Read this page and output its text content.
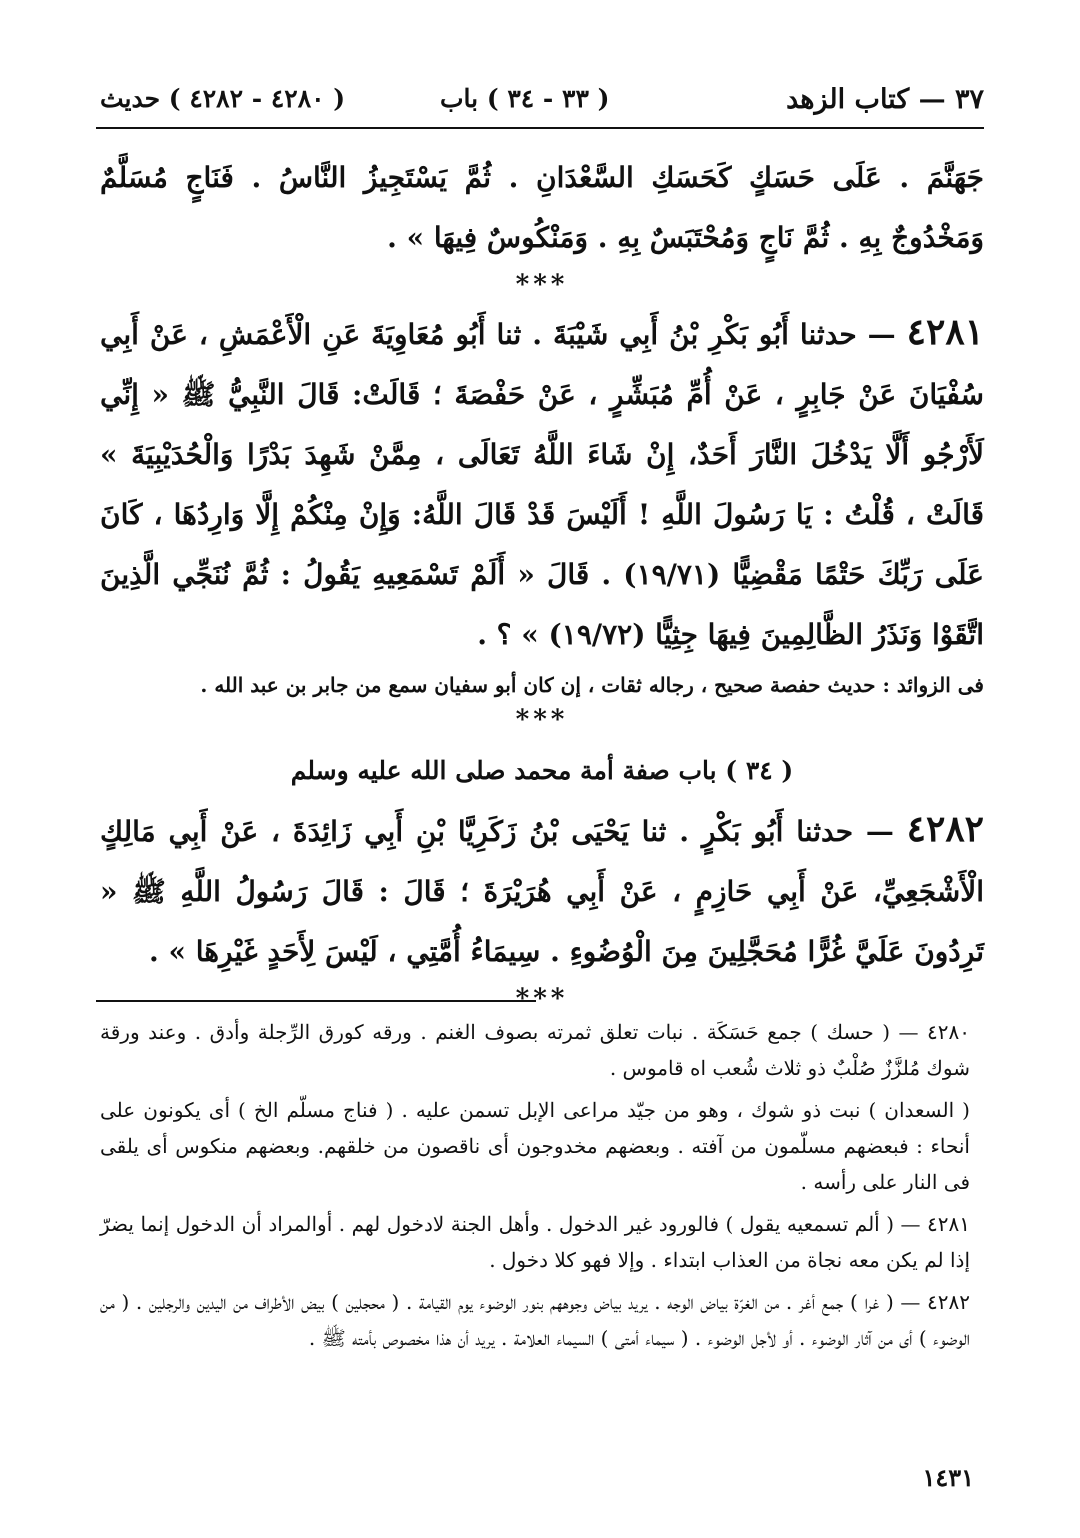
٣٧ — كتاب الزهد
( ٣٣ - ٣٤ ) باب
( ٤٢٨٠ - ٤٢٨٢ ) حديث

جَهَنَّمَ . عَلَى حَسَكٍ كَحَسَكِ السَّعْدَانِ . ثُمَّ يَسْتَجِيزُ النَّاسُ . فَنَاجٍ مُسَلَّمٌ وَمَخْدُوجٌ بِهِ . ثُمَّ نَاجٍ وَمُحْتَبَسٌ بِهِ . وَمَنْكُوسٌ فِيهَا » .

***

٤٢٨١ — حدثنا أَبُو بَكْرِ بْنُ أَبِي شَيْبَةَ . ثنا أَبُو مُعَاوِيَةَ عَنِ الْأَعْمَشِ ، عَنْ أَبِي سُفْيَانَ عَنْ جَابِرٍ ، عَنْ أُمِّ مُبَشِّرٍ ، عَنْ حَفْصَةَ ؛ قَالَتْ: قَالَ النَّبِيُّ ﷺ « إِنِّي لَأَرْجُو أَلَّا يَدْخُلَ النَّارَ أَحَدٌ، إِنْ شَاءَ اللَّهُ تَعَالَى ، مِمَّنْ شَهِدَ بَدْرًا وَالْحُدَيْبِيَةَ » قَالَتْ ، قُلْتُ : يَا رَسُولَ اللَّهِ ! أَلَيْسَ قَدْ قَالَ اللَّهُ: وَإِنْ مِنْكُمْ إِلَّا وَارِدُهَا ، كَانَ عَلَى رَبِّكَ حَتْمًا مَقْضِيًّا (١٩/٧١) . قَالَ « أَلَمْ تَسْمَعِيهِ يَقُولُ : ثُمَّ نُنَجِّي الَّذِينَ اتَّقَوْا وَنَذَرُ الظَّالِمِينَ فِيهَا جِثِيًّا (١٩/٧٢) » ؟ .

فى الزوائد : حديث حفصة صحيح ، رجاله ثقات ، إن كان أبو سفيان سمع من جابر بن عبد الله .

***
( ٣٤ ) باب صفة أمة محمد صلى الله عليه وسلم

٤٢٨٢ — حدثنا أَبُو بَكْرٍ . ثنا يَحْيَى بْنُ زَكَرِيَّا بْنِ أَبِي زَائِدَةَ ، عَنْ أَبِي مَالِكٍ الْأَشْجَعِيِّ، عَنْ أَبِي حَازِمٍ ، عَنْ أَبِي هُرَيْرَةَ ؛ قَالَ : قَالَ رَسُولُ اللَّهِ ﷺ « تَرِدُونَ عَلَيَّ غُرًّا مُحَجَّلِينَ مِنَ الْوُضُوءِ . سِيمَاءُ أُمَّتِي ، لَيْسَ لِأَحَدٍ غَيْرِهَا » .

***

٤٢٨٠ — ( حسك ) جمع حَسَكَة . نبات تعلق ثمرته بصوف الغنم . ورقه كورق الرِّجلة وأدق . وعند ورقة شوك مُلزَّزٌ صُلْبٌ ذو ثلاث شُعب اه قاموس .

( السعدان ) نبت ذو شوك ، وهو من جيّد مراعى الإبل تسمن عليه . ( فناج مسلّم الخ ) أى يكونون على أنحاء : فبعضهم مسلّمون من آفته . وبعضهم مخدوجون أى ناقصون من خلقهم. وبعضهم منكوس أى يلقى فى النار على رأسه .

٤٢٨١ — ( ألم تسمعيه يقول ) فالورود غير الدخول . وأهل الجنة لادخول لهم . أوالمراد أن الدخول إنما يضرّ إذا لم يكن معه نجاة من العذاب ابتداء . وإلا فهو كلا دخول .

٤٢٨٢ — ( غرا ) جمع أغر . من الغرّة بياض الوجه . يريد بياض وجوههم بنور الوضوء يوم القيامة . ( محجلين ) بيض الأطراف من اليدين والرجلين . ( من الوضوء ) أى من آثار الوضوء . أو لأجل الوضوء . ( سيماء أمتى ) السيماء العلامة . يريد أن هذا مخصوص بأمته ﷺ .

١٤٣١
